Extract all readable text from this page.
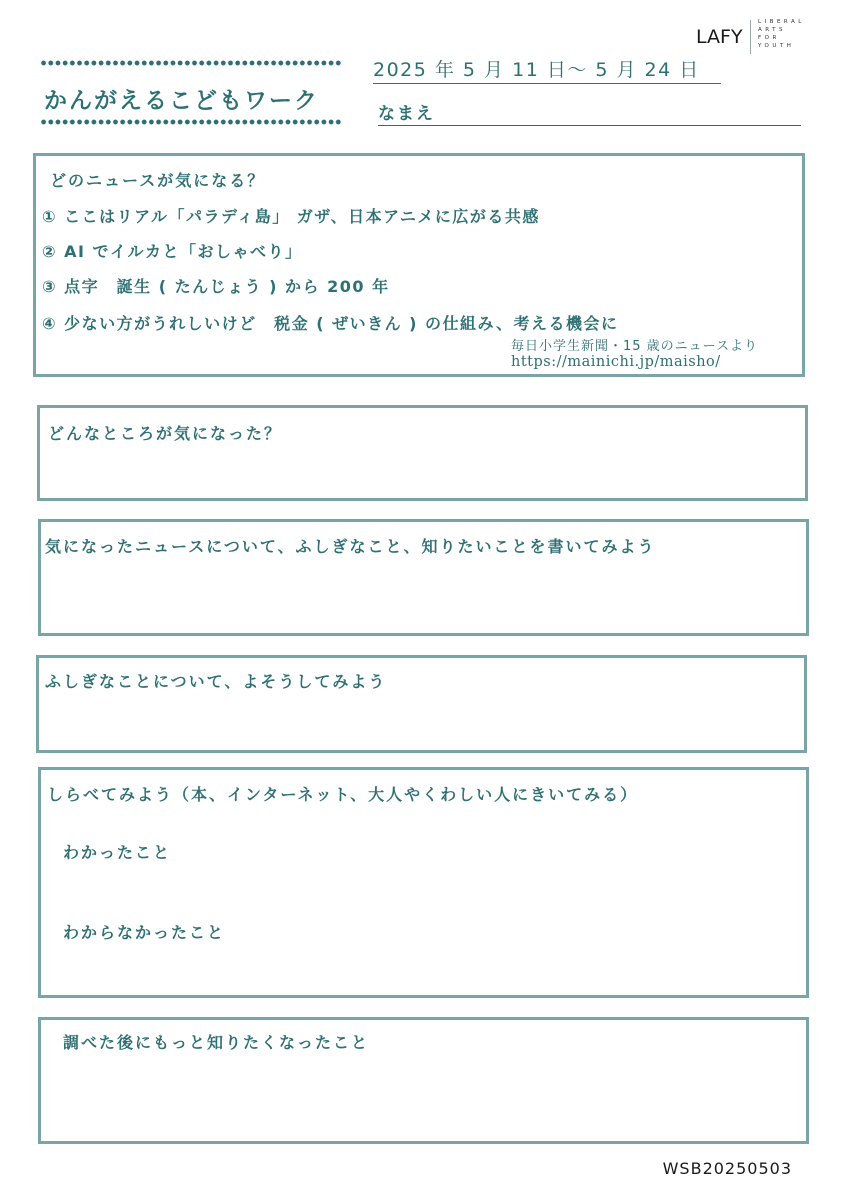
かんがえるこどもワーク
2025 年 5 月 11 日～ 5 月 24 日
なまえ
LAFY
LIBERAL
ARTS
FOR
YOUTH
どのニュースが気になる？
① ここはリアル「パラディ島」 ガザ、日本アニメに広がる共感
② AI でイルカと「おしゃべり」
③ 点字　誕生 ( たんじょう ) から 200 年
④ 少ない方がうれしいけど　税金 ( ぜいきん ) の仕組み、考える機会に
毎日小学生新聞・15 歳のニュースより
https://mainichi.jp/maisho/
どんなところが気になった？
気になったニュースについて、ふしぎなこと、知りたいことを書いてみよう
ふしぎなことについて、よそうしてみよう
しらべてみよう（本、インターネット、大人やくわしい人にきいてみる）
わかったこと
わからなかったこと
調べた後にもっと知りたくなったこと
WSB20250503
